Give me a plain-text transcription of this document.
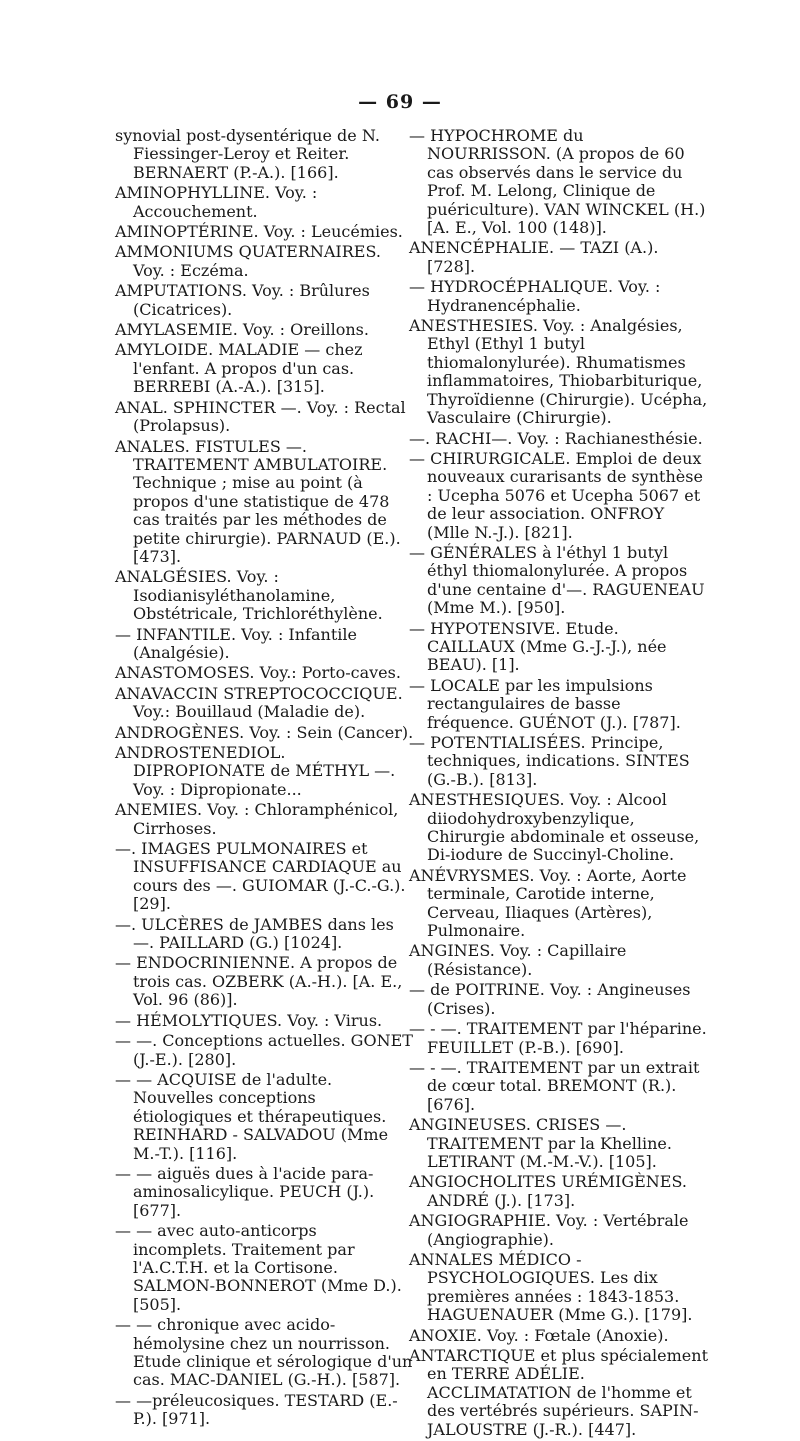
— 69 —

synovial post-dysentérique de N. Fiessinger-Leroy et Reiter. BERNAERT (P.-A.). [166].

AMINOPHYLLINE. Voy. : Accouchement.

AMINOPTÉRINE. Voy. : Leucémies.

AMMONIUMS QUATERNAIRES. Voy. : Eczéma.

AMPUTATIONS. Voy. : Brûlures (Cicatrices).

AMYLASEMIE. Voy. : Oreillons.

AMYLOIDE. MALADIE — chez l'enfant. A propos d'un cas. BERREBI (A.-A.). [315].

ANAL. SPHINCTER —. Voy. : Rectal (Prolapsus).

ANALES. FISTULES —. TRAITEMENT AMBULATOIRE. Technique ; mise au point (à propos d'une statistique de 478 cas traités par les méthodes de petite chirurgie). PARNAUD (E.). [473].

ANALGÉSIES. Voy. : Isodianisyléthanolamine, Obstétricale, Trichloréthylène.

— INFANTILE. Voy. : Infantile (Analgésie).

ANASTOMOSES. Voy.: Porto-caves.

ANAVACCIN STREPTOCOCCIQUE. Voy.: Bouillaud (Maladie de).

ANDROGÈNES. Voy. : Sein (Cancer).

ANDROSTENEDIOL. DIPROPIONATE de MÉTHYL —. Voy. : Dipropionate...

ANEMIES. Voy. : Chloramphénicol, Cirrhoses.

—. IMAGES PULMONAIRES et INSUFFISANCE CARDIAQUE au cours des —. GUIOMAR (J.-C.-G.). [29].

—. ULCÈRES de JAMBES dans les —. PAILLARD (G.) [1024].

— ENDOCRINIENNE. A propos de trois cas. OZBERK (A.-H.). [A. E., Vol. 96 (86)].

— HÉMOLYTIQUES. Voy. : Virus.

— —. Conceptions actuelles. GONET (J.-E.). [280].

— — ACQUISE de l'adulte. Nouvelles conceptions étiologiques et thérapeutiques. REINHARD - SALVADOU (Mme M.-T.). [116].

— — aiguës dues à l'acide para-aminosalicylique. PEUCH (J.). [677].

— — avec auto-anticorps incomplets. Traitement par l'A.C.T.H. et la Cortisone. SALMON-BONNEROT (Mme D.). [505].

— — chronique avec acido-hémolysine chez un nourrisson. Etude clinique et sérologique d'un cas. MAC-DANIEL (G.-H.). [587].

— —préleucosiques. TESTARD (E.-P.). [971].

— HYPOCHROME du NOURRISSON. (A propos de 60 cas observés dans le service du Prof. M. Lelong, Clinique de puériculture). VAN WINCKEL (H.) [A. E., Vol. 100 (148)].

ANENCÉPHALIE. — TAZI (A.). [728].

— HYDROCÉPHALIQUE. Voy. : Hydranencéphalie.

ANESTHESIES. Voy. : Analgésies, Ethyl (Ethyl 1 butyl thiomalonylurée). Rhumatismes inflammatoires, Thiobarbiturique, Thyroïdienne (Chirurgie). Ucépha, Vasculaire (Chirurgie).

—. RACHI—. Voy. : Rachianesthésie.

— CHIRURGICALE. Emploi de deux nouveaux curarisants de synthèse : Ucepha 5076 et Ucepha 5067 et de leur association. ONFROY (Mlle N.-J.). [821].

— GÉNÉRALES à l'éthyl 1 butyl éthyl thiomalonylurée. A propos d'une centaine d'—. RAGUENEAU (Mme M.). [950].

— HYPOTENSIVE. Etude. CAILLAUX (Mme G.-J.-J.), née BEAU). [1].

— LOCALE par les impulsions rectangulaires de basse fréquence. GUÉNOT (J.). [787].

— POTENTIALISÉES. Principe, techniques, indications. SINTES (G.-B.). [813].

ANESTHESIQUES. Voy. : Alcool diiodohydroxybenzylique, Chirurgie abdominale et osseuse, Di-iodure de Succinyl-Choline.

ANÉVRYSMES. Voy. : Aorte, Aorte terminale, Carotide interne, Cerveau, Iliaques (Artères), Pulmonaire.

ANGINES. Voy. : Capillaire (Résistance).

— de POITRINE. Voy. : Angineuses (Crises).

— - —. TRAITEMENT par l'héparine. FEUILLET (P.-B.). [690].

— - —. TRAITEMENT par un extrait de cœur total. BREMONT (R.). [676].

ANGINEUSES. CRISES —. TRAITEMENT par la Khelline. LETIRANT (M.-M.-V.). [105].

ANGIOCHOLITES URÉMIGÈNES. ANDRÉ (J.). [173].

ANGIOGRAPHIE. Voy. : Vertébrale (Angiographie).

ANNALES MÉDICO - PSYCHOLOGIQUES. Les dix premières années : 1843-1853. HAGUENAUER (Mme G.). [179].

ANOXIE. Voy. : Fœtale (Anoxie).

ANTARCTIQUE et plus spécialement en TERRE ADÉLIE. ACCLIMATATION de l'homme et des vertébrés supérieurs. SAPIN-JALOUSTRE (J.-R.). [447].
